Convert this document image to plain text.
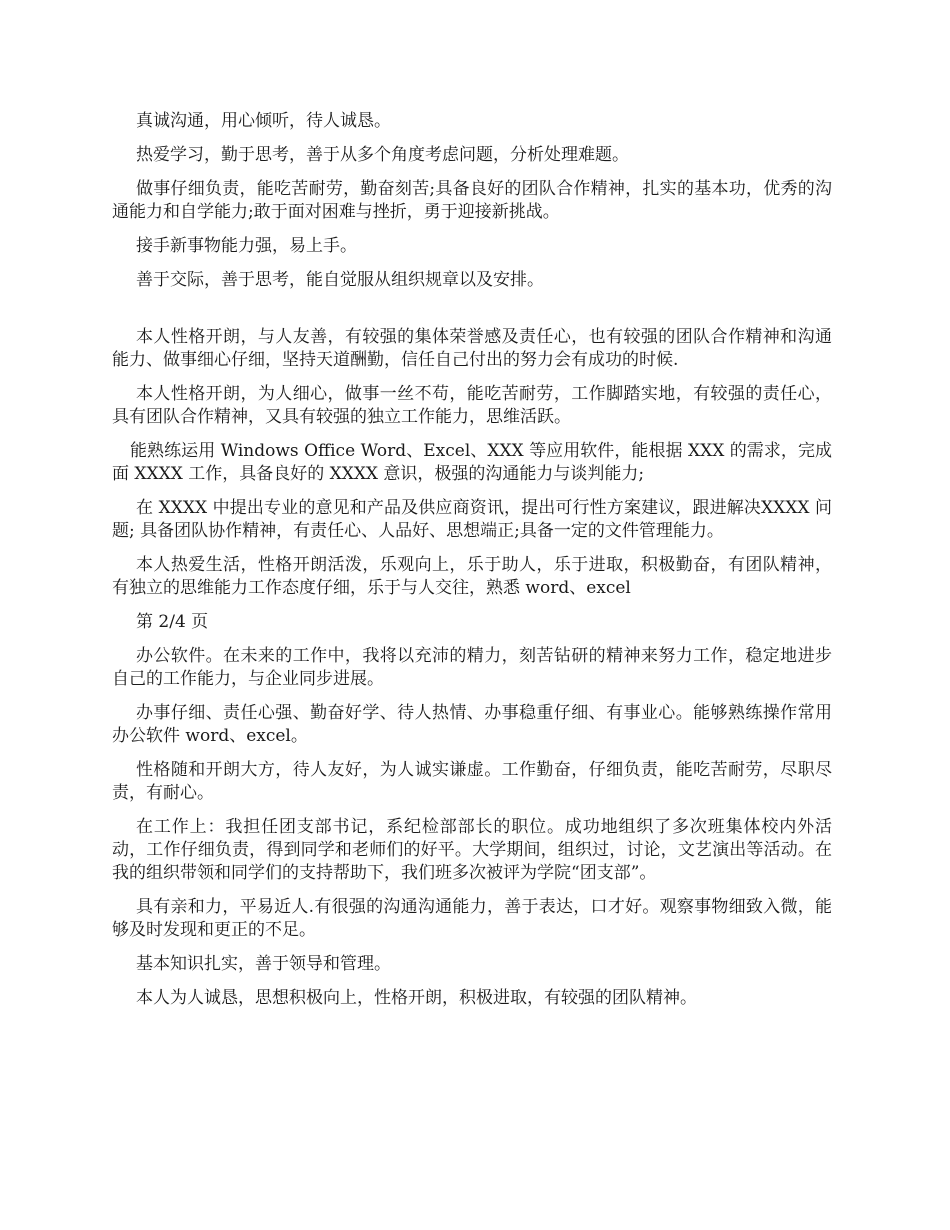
真诚沟通，用心倾听，待人诚恳。

热爱学习，勤于思考，善于从多个角度考虑问题，分析处理难题。

做事仔细负责，能吃苦耐劳，勤奋刻苦;具备良好的团队合作精神，扎实的基本功，优秀的沟通能力和自学能力;敢于面对困难与挫折，勇于迎接新挑战。

接手新事物能力强，易上手。

善于交际，善于思考，能自觉服从组织规章以及安排。

本人性格开朗，与人友善，有较强的集体荣誉感及责任心，也有较强的团队合作精神和沟通能力、做事细心仔细，坚持天道酬勤，信任自己付出的努力会有成功的时候.

本人性格开朗，为人细心，做事一丝不苟，能吃苦耐劳，工作脚踏实地，有较强的责任心，具有团队合作精神，又具有较强的独立工作能力，思维活跃。

能熟练运用 Windows Office Word、Excel、XXX 等应用软件，能根据 XXX 的需求，完成面 XXXX 工作，具备良好的 XXXX 意识，极强的沟通能力与谈判能力;

在 XXXX 中提出专业的意见和产品及供应商资讯，提出可行性方案建议，跟进解决XXXX 问题; 具备团队协作精神，有责任心、人品好、思想端正;具备一定的文件管理能力。

本人热爱生活，性格开朗活泼，乐观向上，乐于助人，乐于进取，积极勤奋，有团队精神，有独立的思维能力工作态度仔细，乐于与人交往，熟悉 word、excel

第 2/4 页

办公软件。在未来的工作中，我将以充沛的精力，刻苦钻研的精神来努力工作，稳定地进步自己的工作能力，与企业同步进展。

办事仔细、责任心强、勤奋好学、待人热情、办事稳重仔细、有事业心。能够熟练操作常用办公软件 word、excel。

性格随和开朗大方，待人友好，为人诚实谦虚。工作勤奋，仔细负责，能吃苦耐劳，尽职尽责，有耐心。

在工作上：我担任团支部书记，系纪检部部长的职位。成功地组织了多次班集体校内外活动，工作仔细负责，得到同学和老师们的好平。大学期间，组织过，讨论，文艺演出等活动。在我的组织带领和同学们的支持帮助下，我们班多次被评为学院“团支部”。

具有亲和力，平易近人.有很强的沟通沟通能力，善于表达，口才好。观察事物细致入微，能够及时发现和更正的不足。

基本知识扎实，善于领导和管理。

本人为人诚恳，思想积极向上，性格开朗，积极进取，有较强的团队精神。
